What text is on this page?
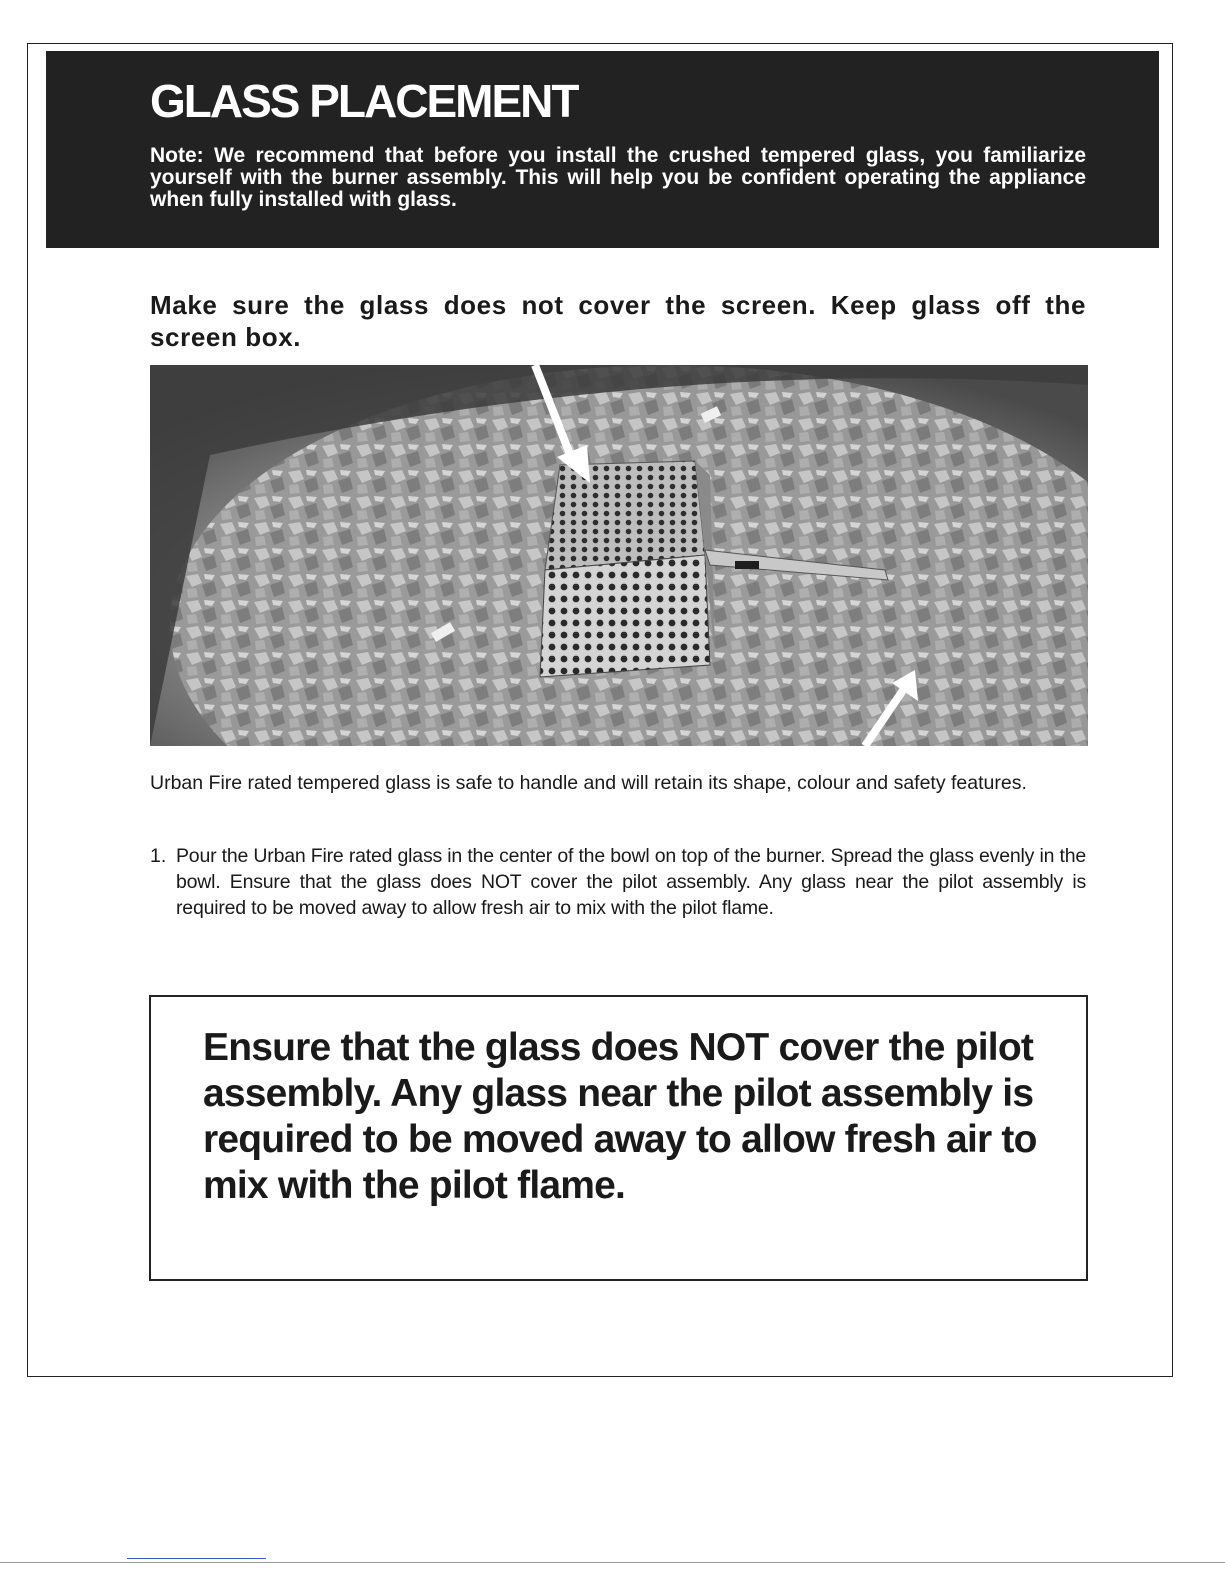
GLASS PLACEMENT

Note: We recommend that before you install the crushed tempered glass, you familiarize yourself with the burner assembly. This will help you be confident operating the appliance when fully installed with glass.

Make sure the glass does not cover the screen. Keep glass off the screen box.

Urban Fire rated tempered glass is safe to handle and will retain its shape, colour and safety features.

1. Pour the Urban Fire rated glass in the center of the bowl on top of the burner. Spread the glass evenly in the bowl. Ensure that the glass does NOT cover the pilot assembly. Any glass near the pilot assembly is required to be moved away to allow fresh air to mix with the pilot flame.

Ensure that the glass does NOT cover the pilot assembly. Any glass near the pilot assembly is required to be moved away to allow fresh air to mix with the pilot flame.
